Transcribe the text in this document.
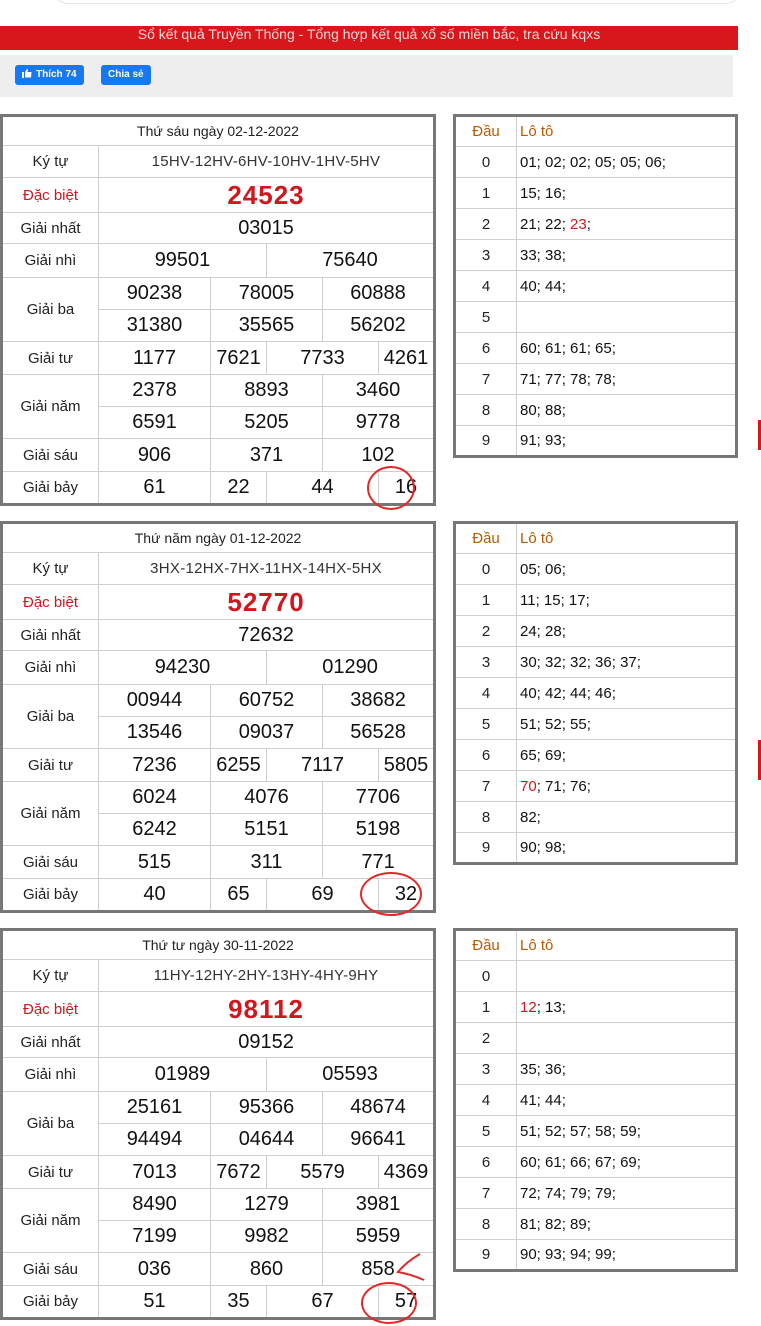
Sổ kết quả Truyền Thống - Tổng hợp kết quả xổ số miền bắc, tra cứu kqxs
Thích 74	Chia sẻ
Thứ sáu ngày 02-12-2022					
Ký tự	15HV-12HV-6HV-10HV-1HV-5HV				
Đặc biệt	24523				
Giải nhất	03015				
Giải nhì	99501		75640		
Giải ba	90238	78005		60888	
	31380	35565		56202	
Giải tư	1177	7621	7733		4261
Giải năm	2378	8893		3460	
	6591	5205		9778	
Giải sáu	906	371		102	
Giải bảy	61	22	44		16
Đầu	Lô tô
0	01; 02; 02; 05; 05; 06;
1	15; 16;
2	21; 22; 23;
3	33; 38;
4	40; 44;
5	
6	60; 61; 61; 65;
7	71; 77; 78; 78;
8	80; 88;
9	91; 93;
Thứ năm ngày 01-12-2022					
Ký tự	3HX-12HX-7HX-11HX-14HX-5HX				
Đặc biệt	52770				
Giải nhất	72632				
Giải nhì	94230		01290		
Giải ba	00944	60752		38682	
	13546	09037		56528	
Giải tư	7236	6255	7117		5805
Giải năm	6024	4076		7706	
	6242	5151		5198	
Giải sáu	515	311		771	
Giải bảy	40	65	69		32
Đầu	Lô tô
0	05; 06;
1	11; 15; 17;
2	24; 28;
3	30; 32; 32; 36; 37;
4	40; 42; 44; 46;
5	51; 52; 55;
6	65; 69;
7	70; 71; 76;
8	82;
9	90; 98;
Thứ tư ngày 30-11-2022					
Ký tự	11HY-12HY-2HY-13HY-4HY-9HY				
Đặc biệt	98112				
Giải nhất	09152				
Giải nhì	01989		05593		
Giải ba	25161	95366		48674	
	94494	04644		96641	
Giải tư	7013	7672	5579		4369
Giải năm	8490	1279		3981	
	7199	9982		5959	
Giải sáu	036	860		858	
Giải bảy	51	35	67		57
Đầu	Lô tô
0	
1	12; 13;
2	
3	35; 36;
4	41; 44;
5	51; 52; 57; 58; 59;
6	60; 61; 66; 67; 69;
7	72; 74; 79; 79;
8	81; 82; 89;
9	90; 93; 94; 99;
